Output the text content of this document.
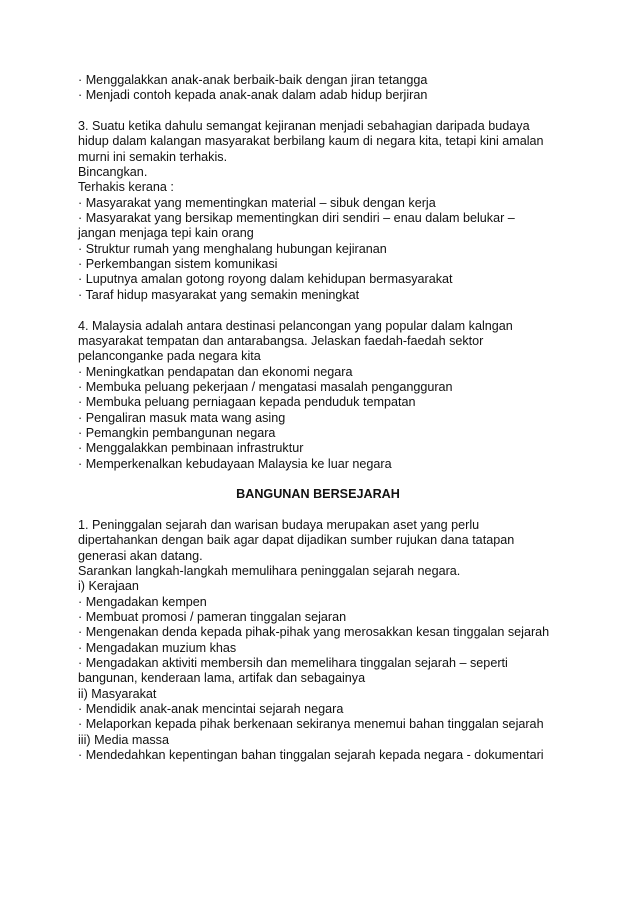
· Menggalakkan anak-anak berbaik-baik dengan jiran tetangga
· Menjadi contoh kepada anak-anak dalam adab hidup berjiran
3. Suatu ketika dahulu semangat kejiranan menjadi sebahagian daripada budaya
hidup dalam kalangan masyarakat berbilang kaum di negara kita, tetapi kini amalan
murni ini semakin terhakis.
Bincangkan.
Terhakis kerana :
· Masyarakat yang mementingkan material – sibuk dengan kerja
· Masyarakat yang bersikap mementingkan diri sendiri – enau dalam belukar –
jangan menjaga tepi kain orang
· Struktur rumah yang menghalang hubungan kejiranan
· Perkembangan sistem komunikasi
· Luputnya amalan gotong royong dalam kehidupan bermasyarakat
· Taraf hidup masyarakat yang semakin meningkat
4. Malaysia adalah antara destinasi pelancongan yang popular dalam kalngan
masyarakat tempatan dan antarabangsa. Jelaskan faedah-faedah sektor
pelanconganke pada negara kita
· Meningkatkan pendapatan dan ekonomi negara
· Membuka peluang pekerjaan / mengatasi masalah pengangguran
· Membuka peluang perniagaan kepada penduduk tempatan
· Pengaliran masuk mata wang asing
· Pemangkin pembangunan negara
· Menggalakkan pembinaan infrastruktur
· Memperkenalkan kebudayaan Malaysia ke luar negara
BANGUNAN BERSEJARAH
1. Peninggalan sejarah dan warisan budaya merupakan aset yang perlu
dipertahankan dengan baik agar dapat dijadikan sumber rujukan dana tatapan
generasi akan datang.
Sarankan langkah-langkah memulihara peninggalan sejarah negara.
i) Kerajaan
· Mengadakan kempen
· Membuat promosi / pameran tinggalan sejaran
· Mengenakan denda kepada pihak-pihak yang merosakkan kesan tinggalan sejarah
· Mengadakan muzium khas
· Mengadakan aktiviti membersih dan memelihara tinggalan sejarah – seperti
bangunan, kenderaan lama, artifak dan sebagainya
ii) Masyarakat
· Mendidik anak-anak mencintai sejarah negara
· Melaporkan kepada pihak berkenaan sekiranya menemui bahan tinggalan sejarah
iii) Media massa
· Mendedahkan kepentingan bahan tinggalan sejarah kepada negara - dokumentari
